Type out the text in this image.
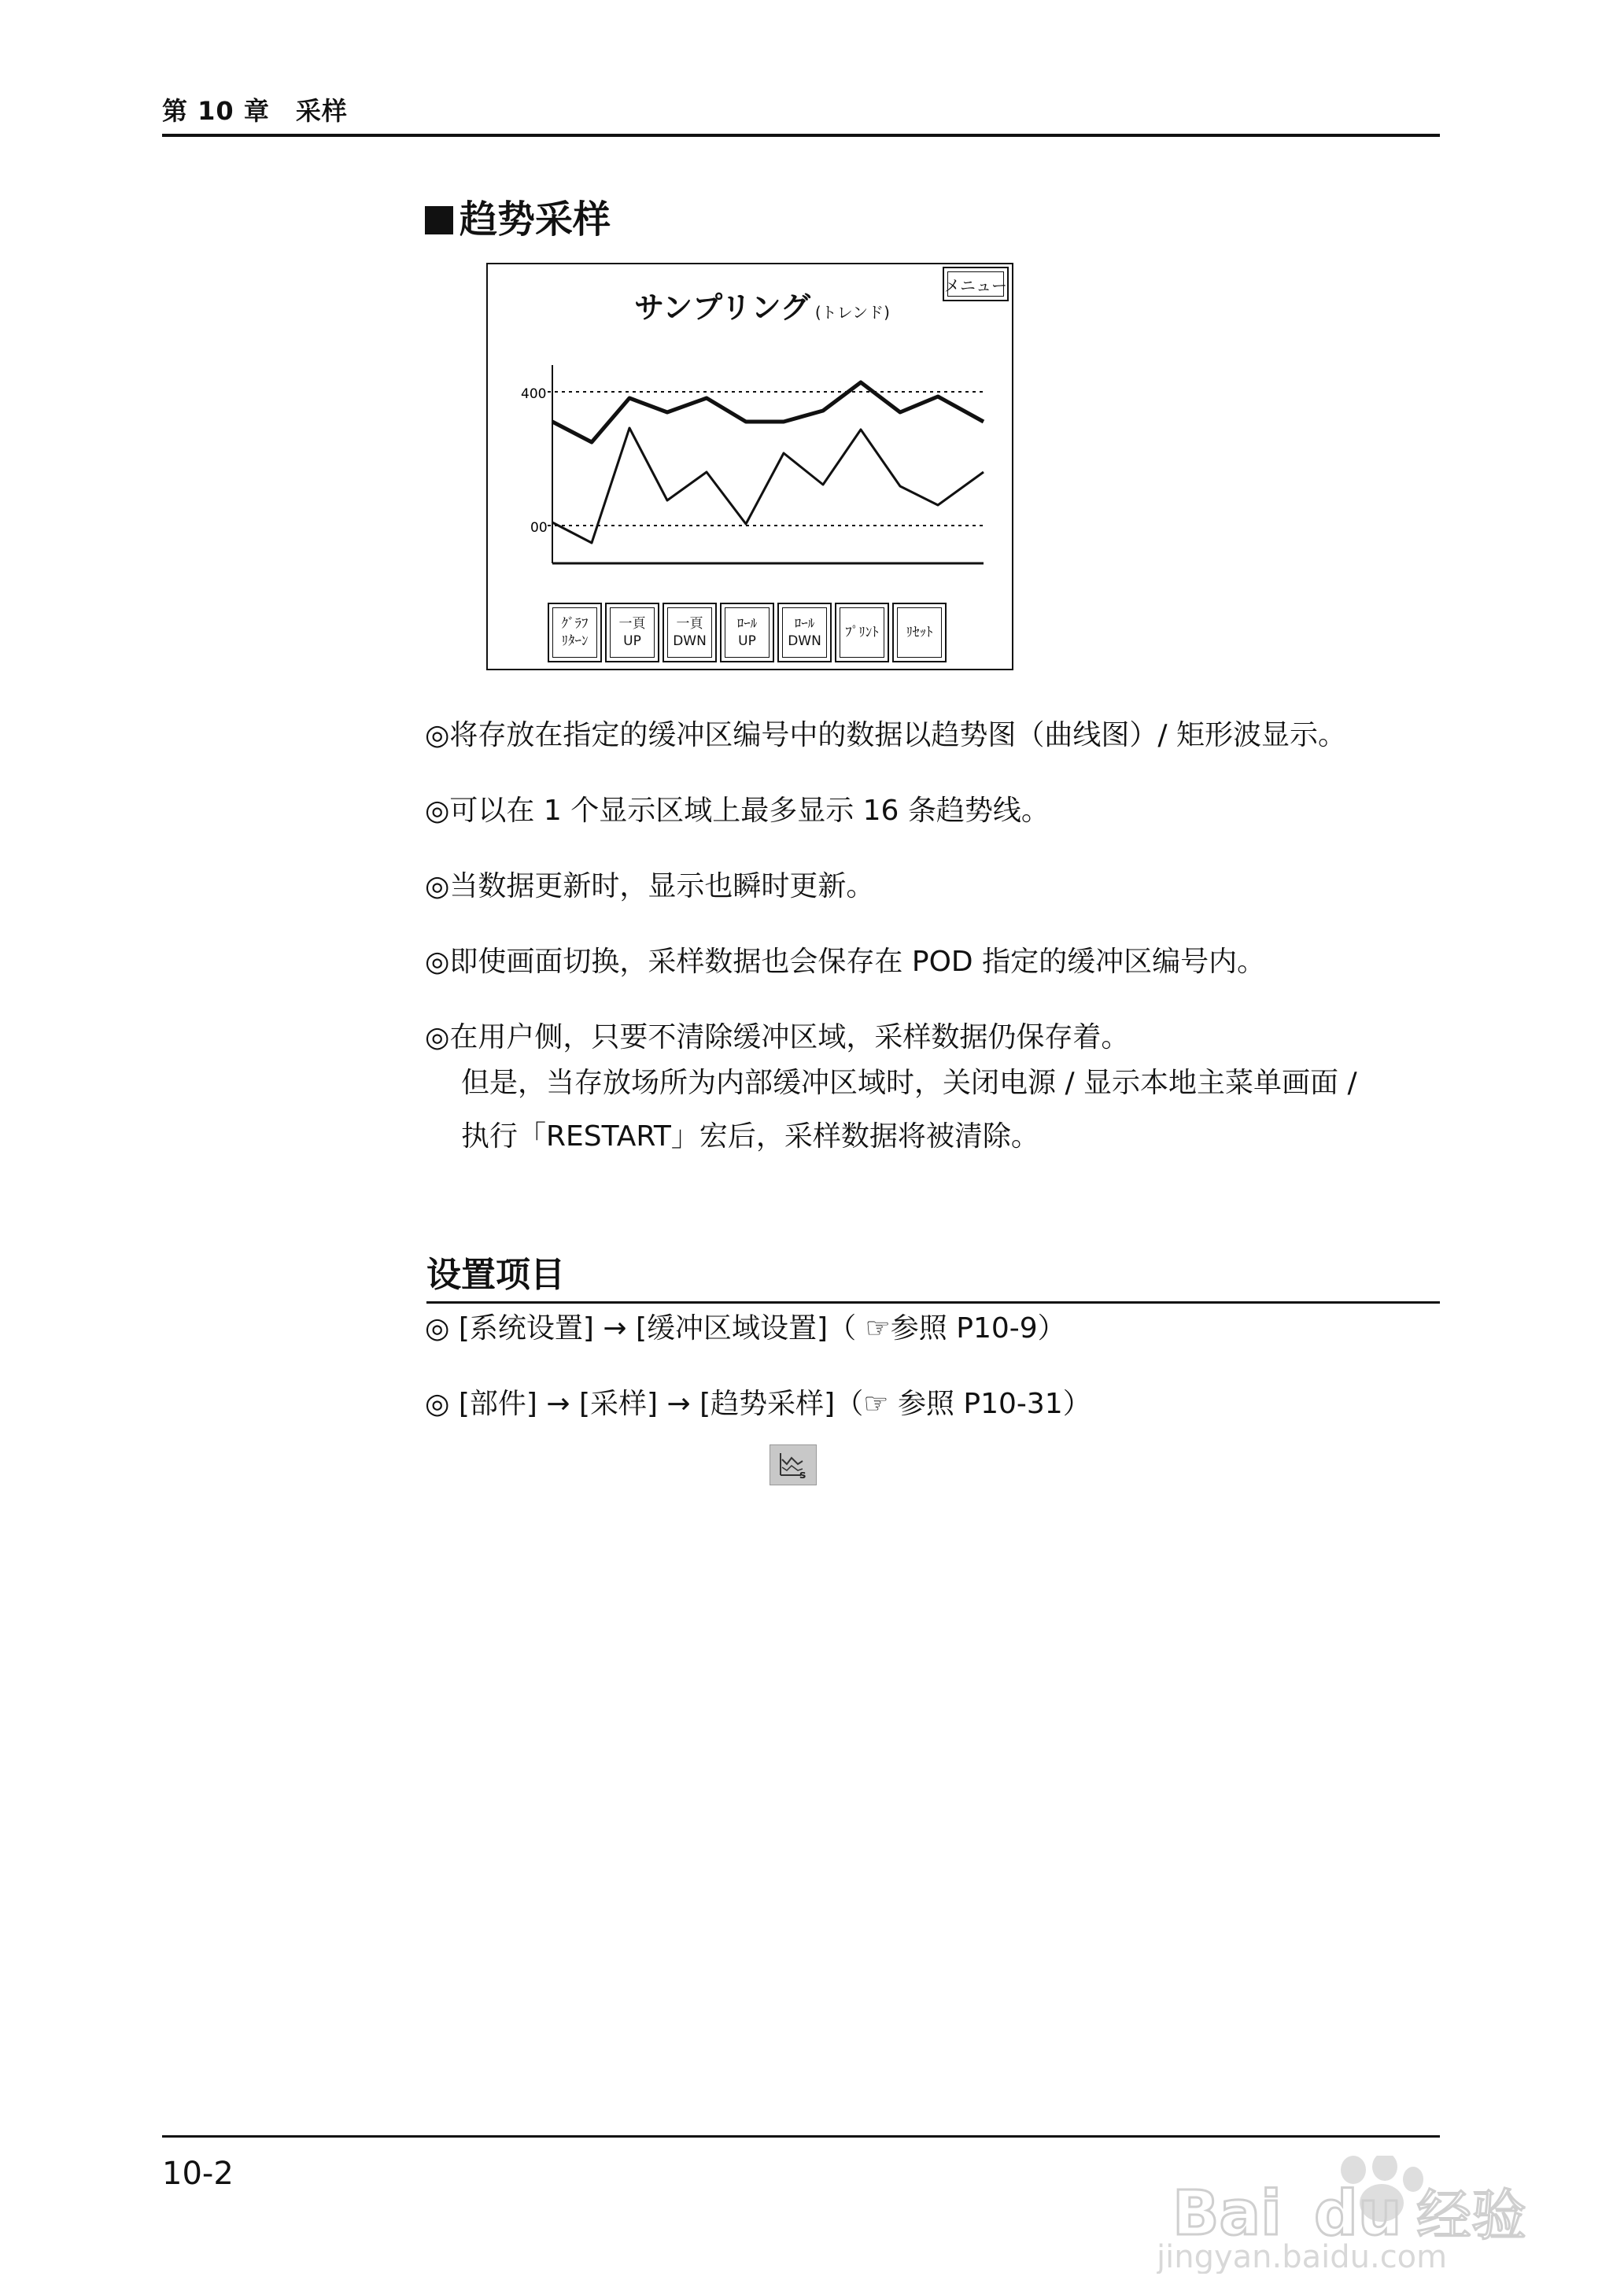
第 10 章　采样
趋势采样
サンプリング (トレンド)
メニュー
400
00
ｸﾞﾗﾌ
ﾘﾀｰﾝ
一頁
UP
一頁
DWN
ﾛｰﾙ
UP
ﾛｰﾙ
DWN
ﾌﾟﾘﾝﾄ ﾘｾｯﾄ
◎将存放在指定的缓冲区编号中的数据以趋势图（曲线图）/ 矩形波显示。
◎可以在 1 个显示区域上最多显示 16 条趋势线。
◎当数据更新时，显示也瞬时更新。
◎即使画面切换，采样数据也会保存在 POD 指定的缓冲区编号内。
◎在用户侧，只要不清除缓冲区域，采样数据仍保存着。
但是，当存放场所为内部缓冲区域时，关闭电源 / 显示本地主菜单画面 /
执行「RESTART」宏后，采样数据将被清除。
设置项目
◎ [系统设置] → [缓冲区域设置]（ ☞参照 P10-9）
◎ [部件] → [采样] → [趋势采样]（☞ 参照 P10-31）
s
10-2
Bai du 经验
jingyan.baidu.com
